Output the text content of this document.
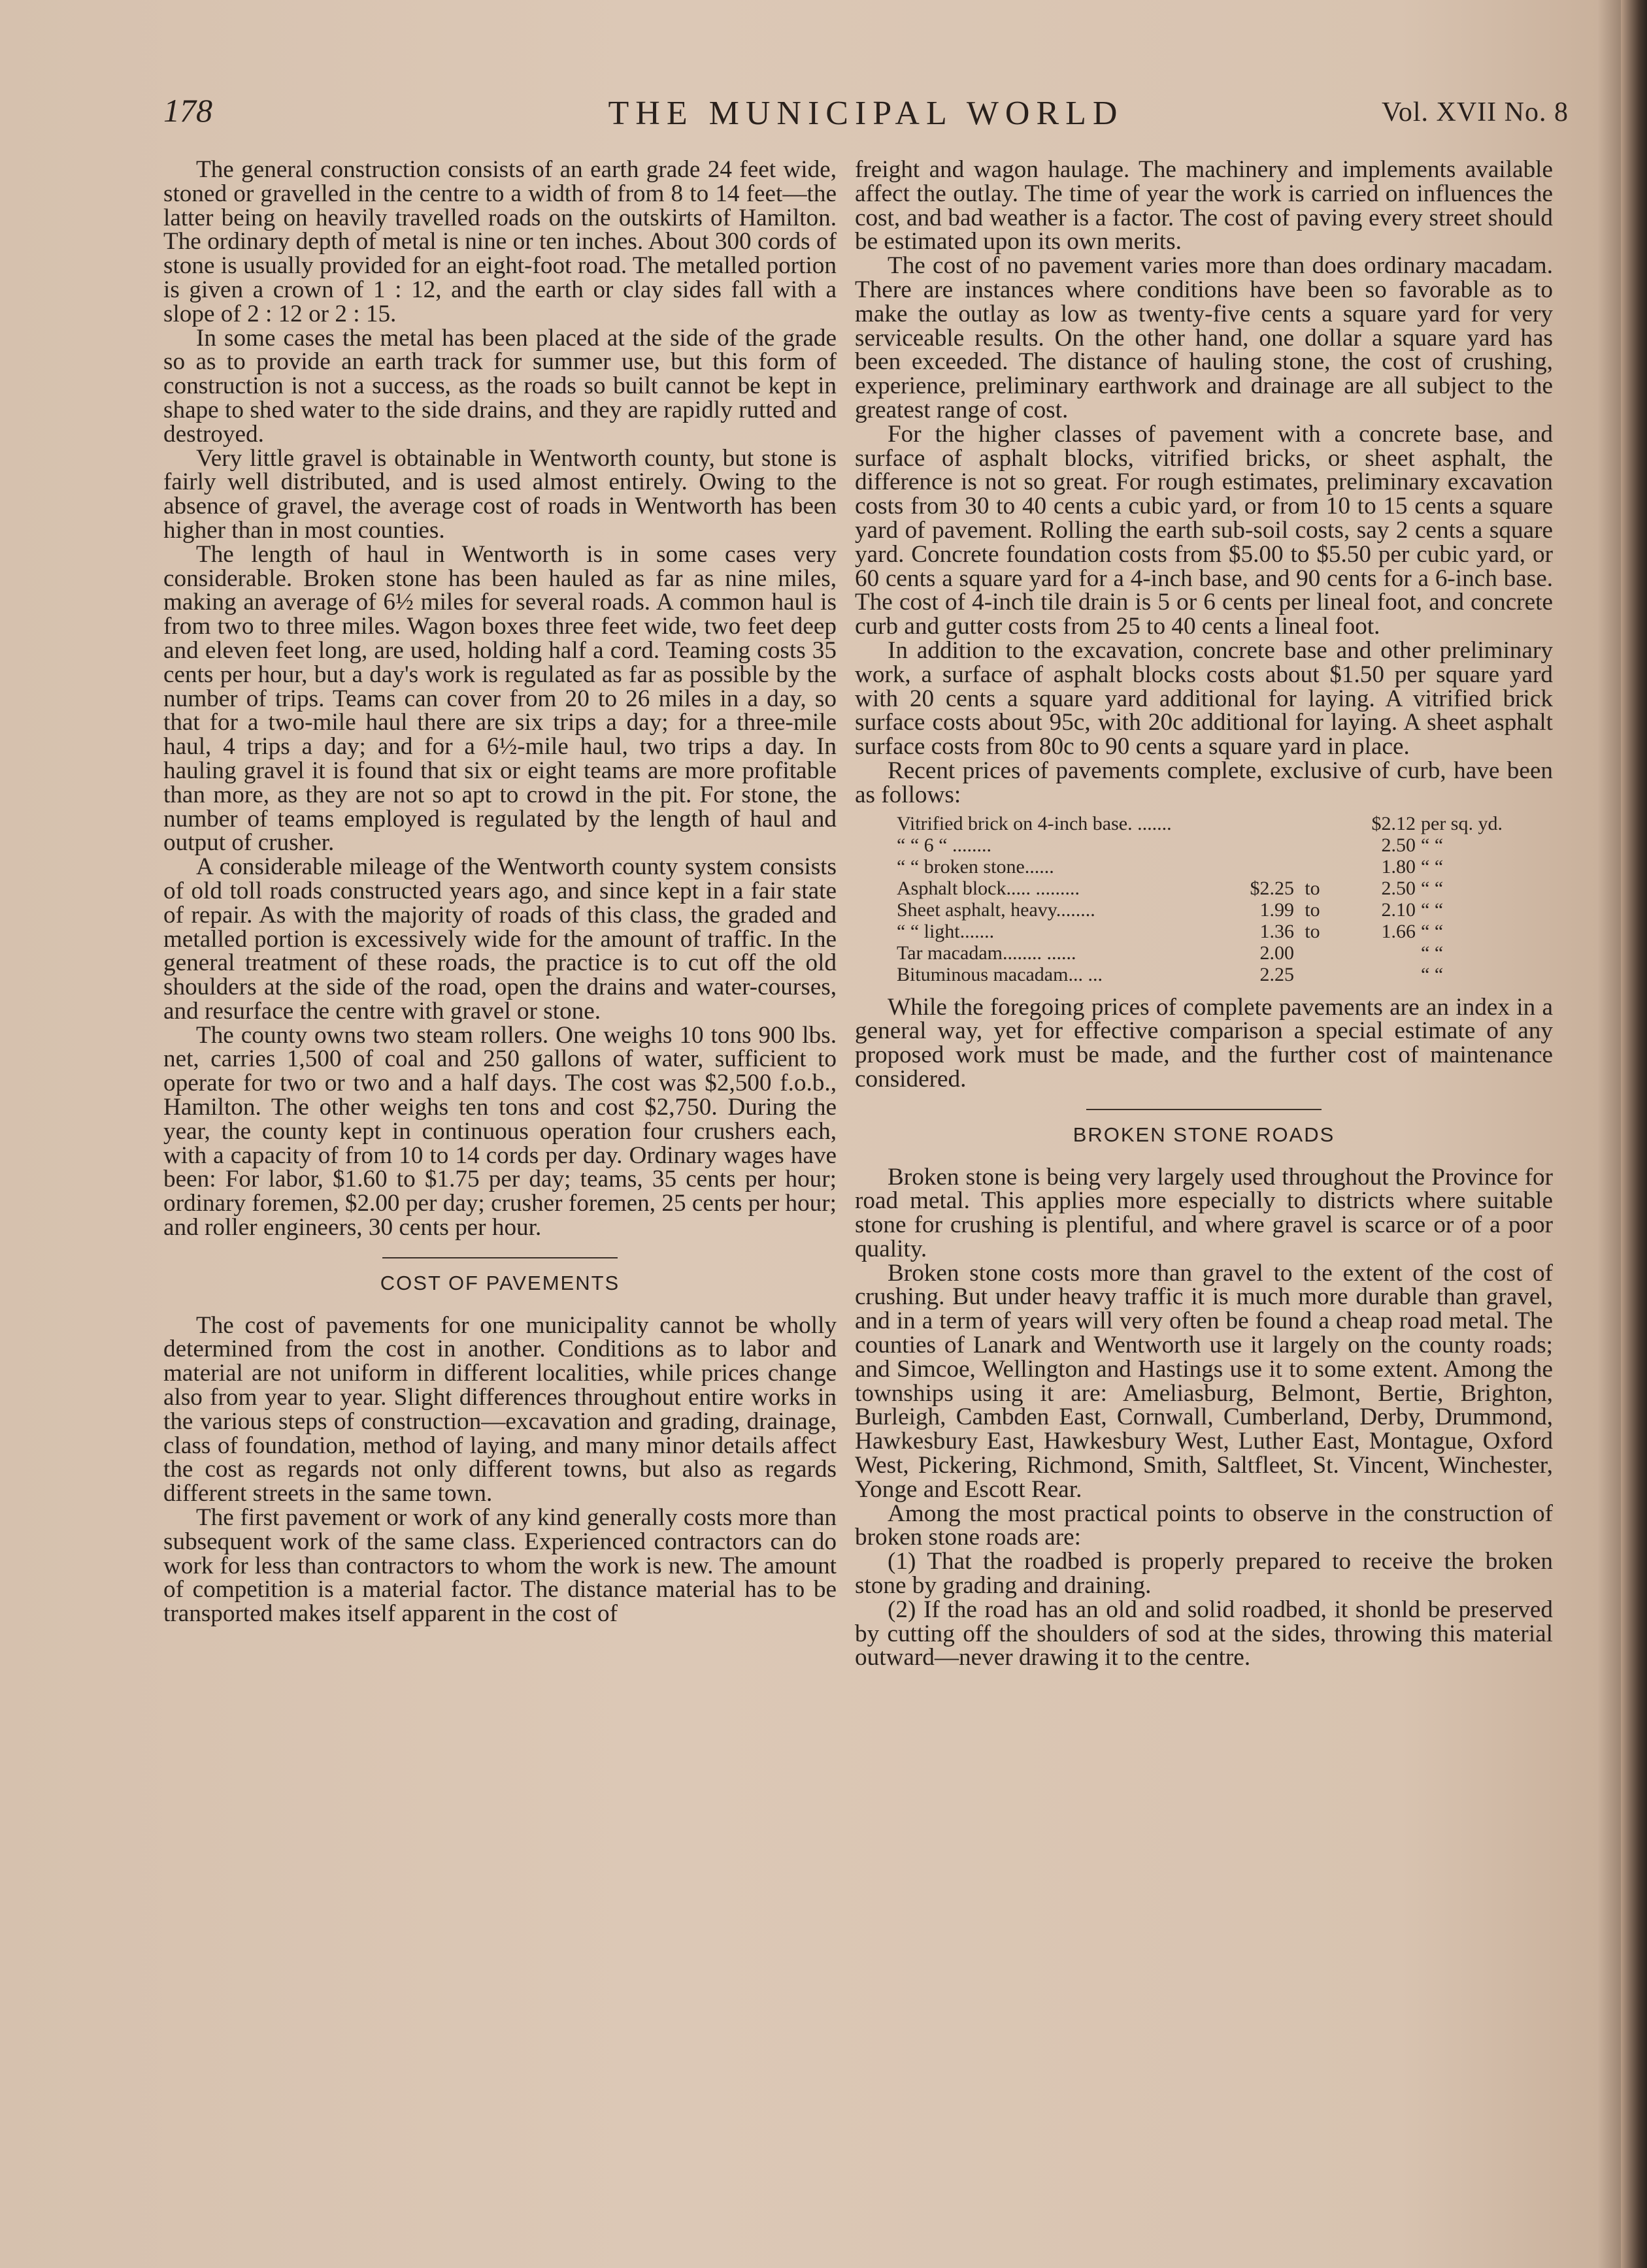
178	THE MUNICIPAL WORLD	Vol. XVII No. 8

The general construction consists of an earth grade 24 feet wide, stoned or gravelled in the centre to a width of from 8 to 14 feet—the latter being on heavily travelled roads on the outskirts of Hamilton. The ordinary depth of metal is nine or ten inches. About 300 cords of stone is usually provided for an eight-foot road. The metalled portion is given a crown of 1 : 12, and the earth or clay sides fall with a slope of 2 : 12 or 2 : 15.

In some cases the metal has been placed at the side of the grade so as to provide an earth track for summer use, but this form of construction is not a success, as the roads so built cannot be kept in shape to shed water to the side drains, and they are rapidly rutted and destroyed.

Very little gravel is obtainable in Wentworth county, but stone is fairly well distributed, and is used almost entirely. Owing to the absence of gravel, the average cost of roads in Wentworth has been higher than in most counties.

The length of haul in Wentworth is in some cases very considerable. Broken stone has been hauled as far as nine miles, making an average of 6½ miles for several roads. A common haul is from two to three miles. Wagon boxes three feet wide, two feet deep and eleven feet long, are used, holding half a cord. Teaming costs 35 cents per hour, but a day's work is regulated as far as possible by the number of trips. Teams can cover from 20 to 26 miles in a day, so that for a two-mile haul there are six trips a day; for a three-mile haul, 4 trips a day; and for a 6½-mile haul, two trips a day. In hauling gravel it is found that six or eight teams are more profitable than more, as they are not so apt to crowd in the pit. For stone, the number of teams employed is regulated by the length of haul and output of crusher.

A considerable mileage of the Wentworth county system consists of old toll roads constructed years ago, and since kept in a fair state of repair. As with the majority of roads of this class, the graded and metalled portion is excessively wide for the amount of traffic. In the general treatment of these roads, the practice is to cut off the old shoulders at the side of the road, open the drains and water-courses, and resurface the centre with gravel or stone.

The county owns two steam rollers. One weighs 10 tons 900 lbs. net, carries 1,500 of coal and 250 gallons of water, sufficient to operate for two or two and a half days. The cost was $2,500 f.o.b., Hamilton. The other weighs ten tons and cost $2,750. During the year, the county kept in continuous operation four crushers each, with a capacity of from 10 to 14 cords per day. Ordinary wages have been: For labor, $1.60 to $1.75 per day; teams, 35 cents per hour; ordinary foremen, $2.00 per day; crusher foremen, 25 cents per hour; and roller engineers, 30 cents per hour.

COST OF PAVEMENTS

The cost of pavements for one municipality cannot be wholly determined from the cost in another. Conditions as to labor and material are not uniform in different localities, while prices change also from year to year. Slight differences throughout entire works in the various steps of construction—excavation and grading, drainage, class of foundation, method of laying, and many minor details affect the cost as regards not only different towns, but also as regards different streets in the same town.

The first pavement or work of any kind generally costs more than subsequent work of the same class. Experienced contractors can do work for less than contractors to whom the work is new. The amount of competition is a material factor. The distance material has to be transported makes itself apparent in the cost of

freight and wagon haulage. The machinery and implements available affect the outlay. The time of year the work is carried on influences the cost, and bad weather is a factor. The cost of paving every street should be estimated upon its own merits.

The cost of no pavement varies more than does ordinary macadam. There are instances where conditions have been so favorable as to make the outlay as low as twenty-five cents a square yard for very serviceable results. On the other hand, one dollar a square yard has been exceeded. The distance of hauling stone, the cost of crushing, experience, preliminary earthwork and drainage are all subject to the greatest range of cost.

For the higher classes of pavement with a concrete base, and surface of asphalt blocks, vitrified bricks, or sheet asphalt, the difference is not so great. For rough estimates, preliminary excavation costs from 30 to 40 cents a cubic yard, or from 10 to 15 cents a square yard of pavement. Rolling the earth sub-soil costs, say 2 cents a square yard. Concrete foundation costs from $5.00 to $5.50 per cubic yard, or 60 cents a square yard for a 4-inch base, and 90 cents for a 6-inch base. The cost of 4-inch tile drain is 5 or 6 cents per lineal foot, and concrete curb and gutter costs from 25 to 40 cents a lineal foot.

In addition to the excavation, concrete base and other preliminary work, a surface of asphalt blocks costs about $1.50 per square yard with 20 cents a square yard additional for laying. A vitrified brick surface costs about 95c, with 20c additional for laying. A sheet asphalt surface costs from 80c to 90 cents a square yard in place.

Recent prices of pavements complete, exclusive of curb, have been as follows:

Vitrified brick on 4-inch base. .......			$2.12	per sq. yd.
“ “ 6 “ ........			2.50	“ “
“ “ broken stone......			1.80	“ “
Asphalt block..... .........	$2.25	to	2.50	“ “
Sheet asphalt, heavy........	1.99	to	2.10	“ “
“ “ light.......	1.36	to	1.66	“ “
Tar macadam........ ......	2.00			“ “
Bituminous macadam... ...	2.25			“ “

While the foregoing prices of complete pavements are an index in a general way, yet for effective comparison a special estimate of any proposed work must be made, and the further cost of maintenance considered.

BROKEN STONE ROADS

Broken stone is being very largely used throughout the Province for road metal. This applies more especially to districts where suitable stone for crushing is plentiful, and where gravel is scarce or of a poor quality.

Broken stone costs more than gravel to the extent of the cost of crushing. But under heavy traffic it is much more durable than gravel, and in a term of years will very often be found a cheap road metal. The counties of Lanark and Wentworth use it largely on the county roads; and Simcoe, Wellington and Hastings use it to some extent. Among the townships using it are: Ameliasburg, Belmont, Bertie, Brighton, Burleigh, Cambden East, Cornwall, Cumberland, Derby, Drummond, Hawkesbury East, Hawkesbury West, Luther East, Montague, Oxford West, Pickering, Richmond, Smith, Saltfleet, St. Vincent, Winchester, Yonge and Escott Rear.

Among the most practical points to observe in the construction of broken stone roads are:

(1) That the roadbed is properly prepared to receive the broken stone by grading and draining.

(2) If the road has an old and solid roadbed, it shonld be preserved by cutting off the shoulders of sod at the sides, throwing this material outward—never drawing it to the centre.
